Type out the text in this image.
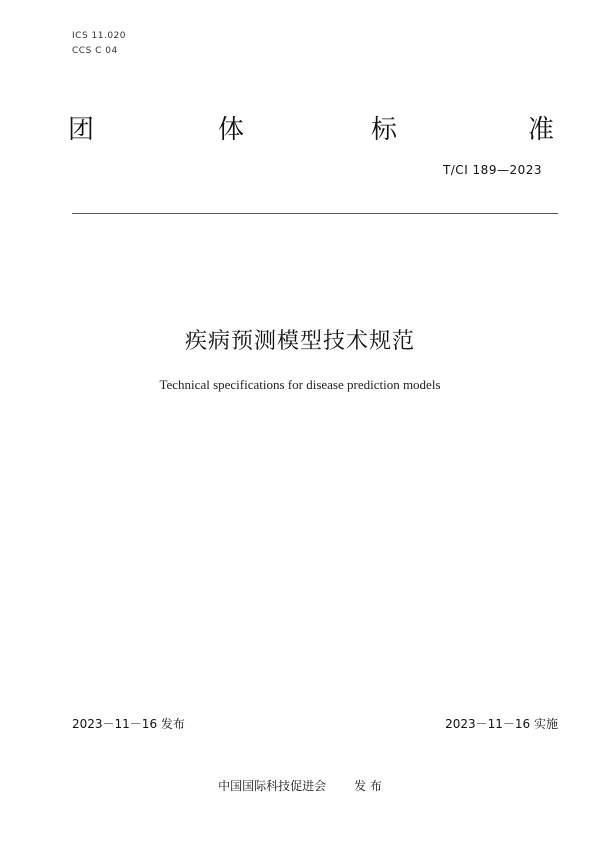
ICS 11.020
CCS C 04
团	体	标	准
T/CI 189—2023
疾病预测模型技术规范
Technical specifications for disease prediction models
2023－11－16 发布	2023－11－16 实施
中国国际科技促进会 发 布
